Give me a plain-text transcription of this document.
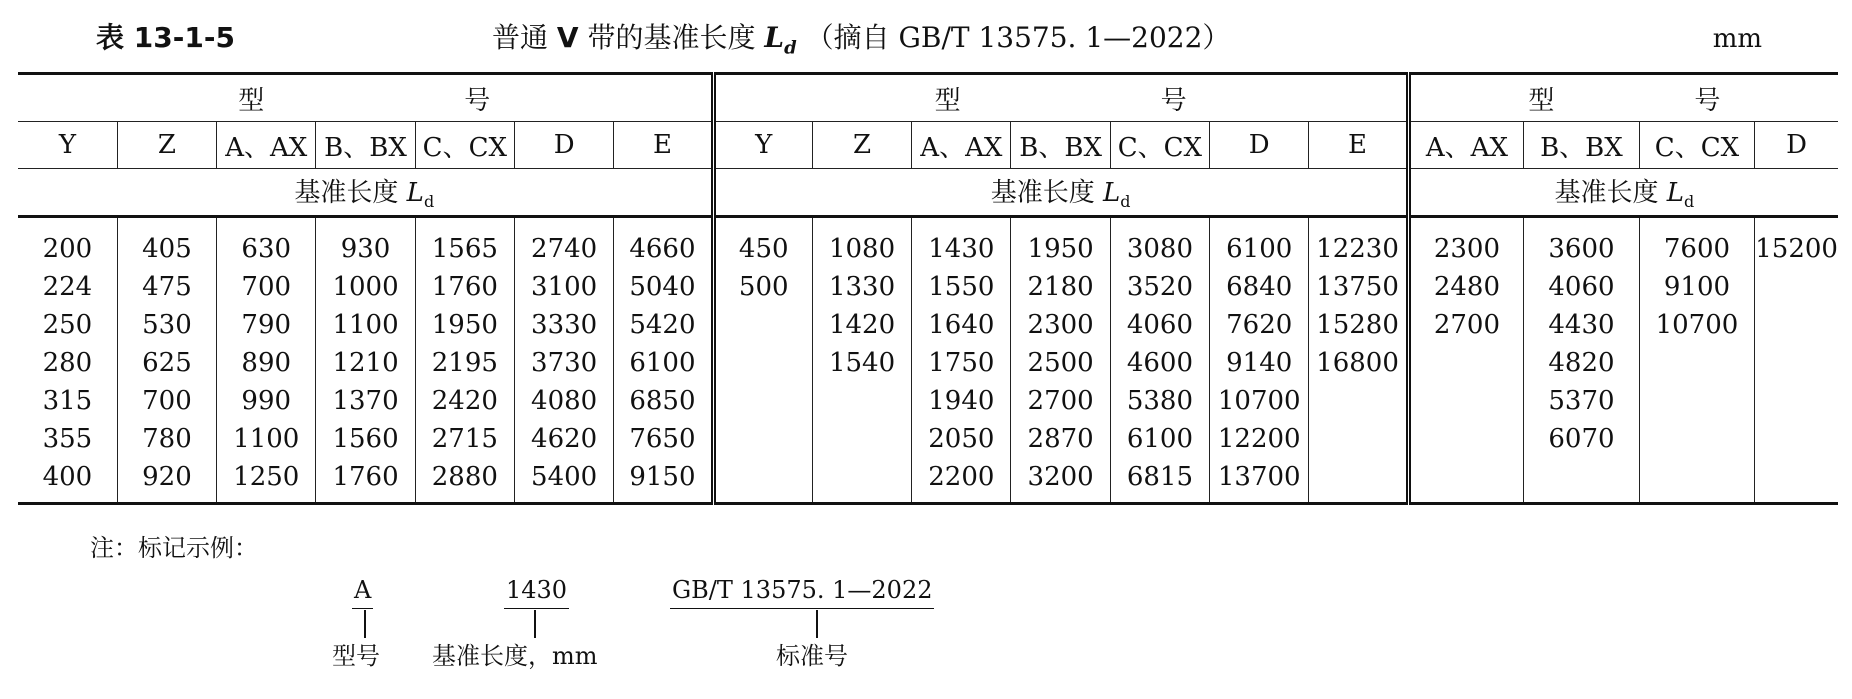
表 13-1-5	普通 V 带的基准长度 $L_d$ （摘自 GB/T 13575. 1—2022）	mm
型 号							型 号							型 号			
Y	Z	A、AX	B、BX	C、CX	D	E	Y	Z	A、AX	B、BX	C、CX	D	E	A、AX	B、BX	C、CX	D
基准长度 $L_d$							基准长度 $L_d$							基准长度 $L_d$
200	405	630	930	1565	2740	4660	450	1080	1430	1950	3080	6100	12230	2300	3600	7600	15200
224	475	700	1000	1760	3100	5040	500	1330	1550	2180	3520	6840	13750	2480	4060	9100	
250	530	790	1100	1950	3330	5420		1420	1640	2300	4060	7620	15280	2700	4430	10700	
280	625	890	1210	2195	3730	6100		1540	1750	2500	4600	9140	16800		4820		
315	700	990	1370	2420	4080	6850			1940	2700	5380	10700			5370		
355	780	1100	1560	2715	4620	7650			2050	2870	6100	12200			6070		
400	920	1250	1760	2880	5400	9150			2200	3200	6815	13700					
注：标记示例：
A
型号
1430
基准长度，mm
GB/T 13575. 1—2022
标准号
